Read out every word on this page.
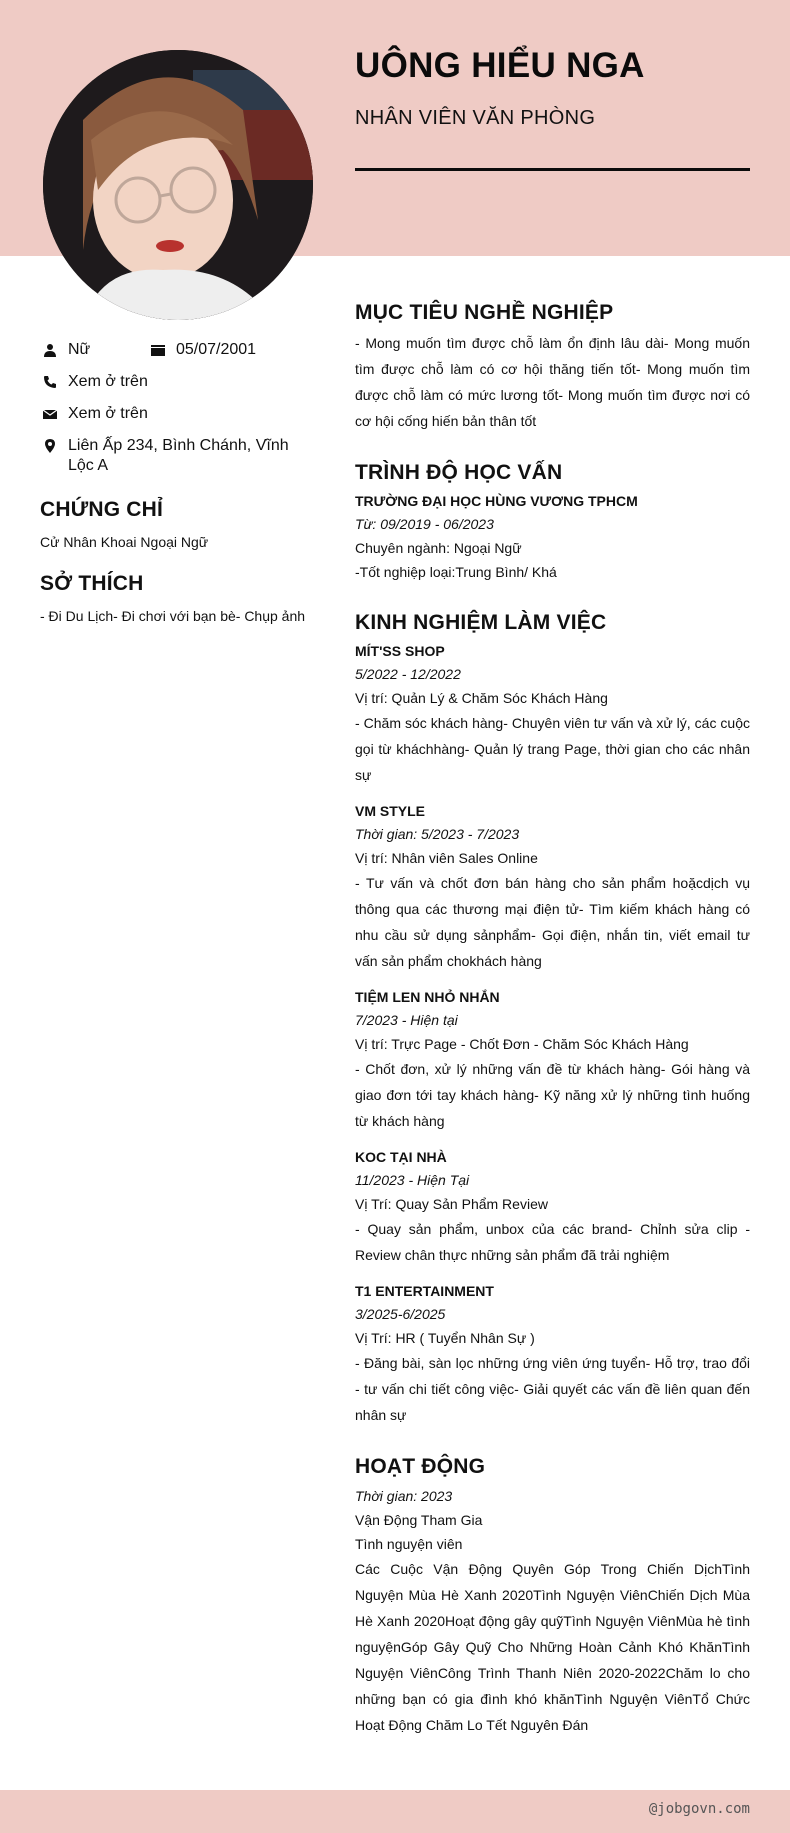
UÔNG HIỂU NGA
NHÂN VIÊN VĂN PHÒNG
Nữ	05/07/2001
Xem ở trên
Xem ở trên
Liên Ấp 234, Bình Chánh, Vĩnh Lộc A
CHỨNG CHỈ
Cử Nhân Khoai Ngoại Ngữ
SỞ THÍCH
- Đi Du Lịch- Đi chơi với bạn bè- Chụp ảnh
MỤC TIÊU NGHỀ NGHIỆP
- Mong muốn tìm được chỗ làm ổn định lâu dài- Mong muốn tìm được chỗ làm có cơ hội thăng tiến tốt- Mong muốn tìm được chỗ làm có mức lương tốt- Mong muốn tìm được nơi có cơ hội cống hiến bản thân tốt
TRÌNH ĐỘ HỌC VẤN
TRƯỜNG ĐẠI HỌC HÙNG VƯƠNG TPHCM
Từ: 09/2019 - 06/2023
Chuyên ngành: Ngoại Ngữ
-Tốt nghiệp loại:Trung Bình/ Khá
KINH NGHIỆM LÀM VIỆC
MÍT'SS SHOP
5/2022 - 12/2022
Vị trí: Quản Lý & Chăm Sóc Khách Hàng
- Chăm sóc khách hàng- Chuyên viên tư vấn và xử lý, các cuộc gọi từ kháchhàng- Quản lý trang Page, thời gian cho các nhân sự
VM STYLE
Thời gian: 5/2023 - 7/2023
Vị trí: Nhân viên Sales Online
- Tư vấn và chốt đơn bán hàng cho sản phẩm hoặcdịch vụ thông qua các thương mại điện tử- Tìm kiếm khách hàng có nhu cầu sử dụng sảnphẩm- Gọi điện, nhắn tin, viết email tư vấn sản phẩm chokhách hàng
TIỆM LEN NHỎ NHẮN
7/2023 - Hiện tại
Vị trí: Trực Page - Chốt Đơn - Chăm Sóc Khách Hàng
- Chốt đơn, xử lý những vấn đề từ khách hàng- Gói hàng và giao đơn tới tay khách hàng- Kỹ năng xử lý những tình huống từ khách hàng
KOC TẠI NHÀ
11/2023 - Hiện Tại
Vị Trí: Quay Sản Phẩm Review
- Quay sản phẩm, unbox của các brand- Chỉnh sửa clip - Review chân thực những sản phẩm đã trải nghiệm
T1 ENTERTAINMENT
3/2025-6/2025
Vị Trí: HR ( Tuyển Nhân Sự )
- Đăng bài, sàn lọc những ứng viên ứng tuyển- Hỗ trợ, trao đổi - tư vấn chi tiết công việc- Giải quyết các vấn đề liên quan đến nhân sự
HOẠT ĐỘNG
Thời gian: 2023
Vận Động Tham Gia
Tình nguyện viên
Các Cuộc Vận Động Quyên Góp Trong Chiến DịchTình Nguyện Mùa Hè Xanh 2020Tình Nguyện ViênChiến Dịch Mùa Hè Xanh 2020Hoạt động gây quỹTình Nguyện ViênMùa hè tình nguyệnGóp Gây Quỹ Cho Những Hoàn Cảnh Khó KhănTình Nguyện ViênCông Trình Thanh Niên 2020-2022Chăm lo cho những bạn có gia đình khó khănTình Nguyện ViênTổ Chức Hoạt Động Chăm Lo Tết Nguyên Đán
@jobgovn.com
